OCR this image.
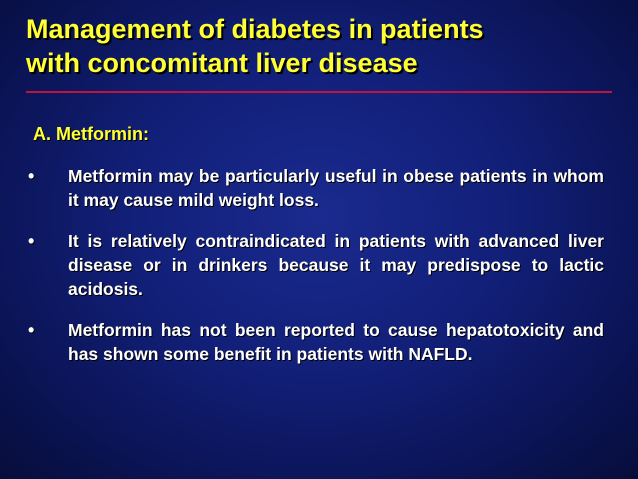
Management of diabetes in patients
with concomitant liver disease
A. Metformin:
•	Metformin may be particularly useful in obese patients in whom it may cause mild weight loss.
•	It is relatively contraindicated in patients with advanced liver disease or in drinkers because it may predispose to lactic acidosis.
•	Metformin has not been reported to cause hepatotoxicity and has shown some benefit in patients with NAFLD.
